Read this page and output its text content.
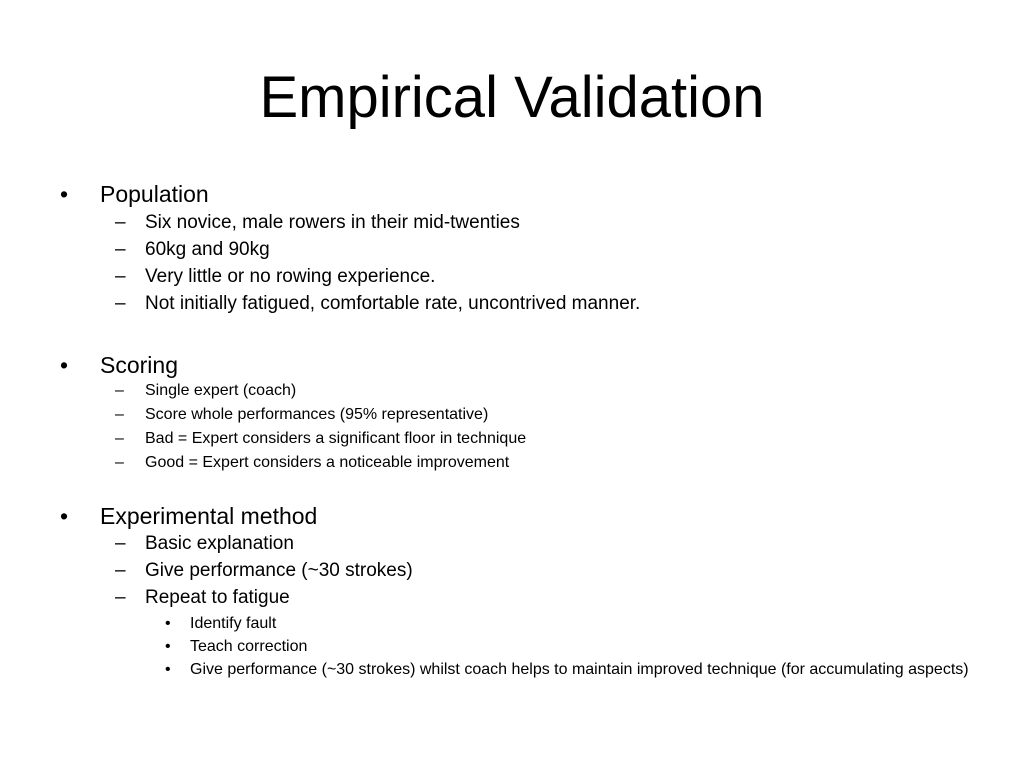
Empirical Validation
• Population
– Six novice, male rowers in their mid-twenties
– 60kg and 90kg
– Very little or no rowing experience.
– Not initially fatigued, comfortable rate, uncontrived manner.
• Scoring
– Single expert (coach)
– Score whole performances (95% representative)
– Bad = Expert considers a significant floor in technique
– Good = Expert considers a noticeable improvement
• Experimental method
– Basic explanation
– Give performance (~30 strokes)
– Repeat to fatigue
• Identify fault
• Teach correction
• Give performance (~30 strokes) whilst coach helps to maintain improved technique (for accumulating aspects)
